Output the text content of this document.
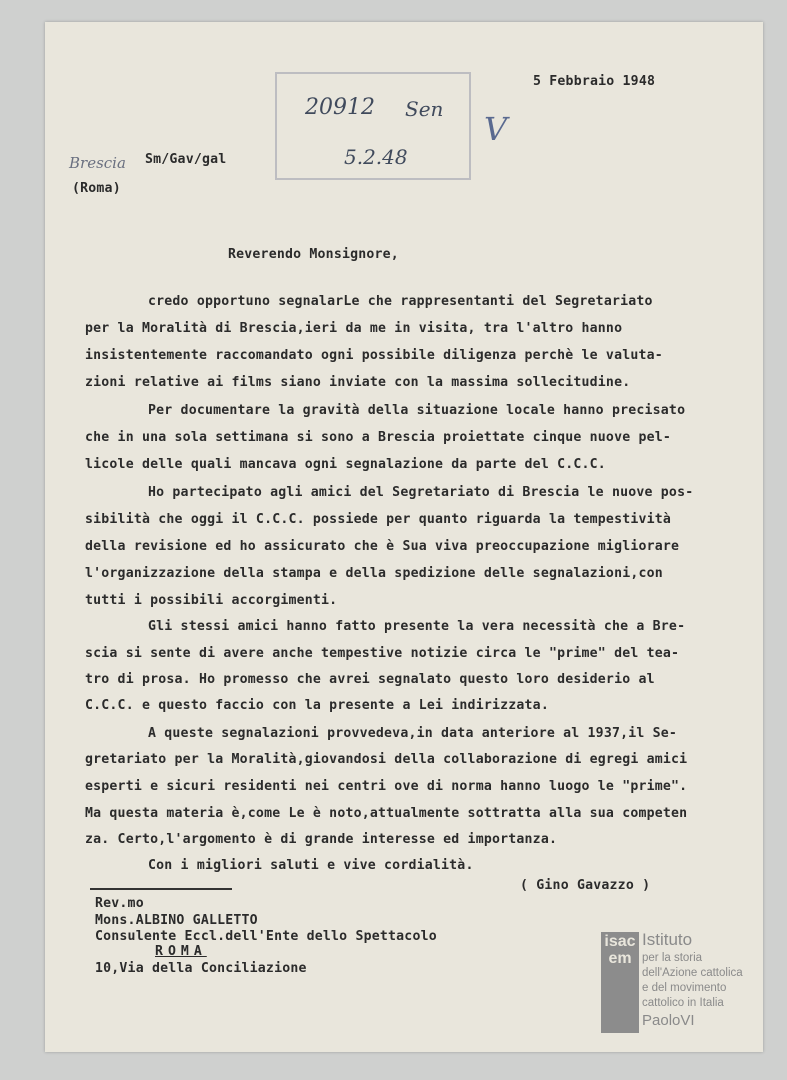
5 Febbraio 1948
20912 Sen
5.2.48
V
Brescia Sm/Gav/gal
(Roma)
Reverendo Monsignore,
credo opportuno segnalarLe che rappresentanti del Segretariato
per la Moralità di Brescia,ieri da me in visita, tra l'altro hanno
insistentemente raccomandato ogni possibile diligenza perchè le valuta-
zioni relative ai films siano inviate con la massima sollecitudine.
Per documentare la gravità della situazione locale hanno precisato
che in una sola settimana si sono a Brescia proiettate cinque nuove pel-
licole delle quali mancava ogni segnalazione da parte del C.C.C.
Ho partecipato agli amici del Segretariato di Brescia le nuove pos-
sibilità che oggi il C.C.C. possiede per quanto riguarda la tempestività
della revisione ed ho assicurato che è Sua viva preoccupazione migliorare
l'organizzazione della stampa e della spedizione delle segnalazioni,con
tutti i possibili accorgimenti.
Gli stessi amici hanno fatto presente la vera necessità che a Bre-
scia si sente di avere anche tempestive notizie circa le "prime" del tea-
tro di prosa. Ho promesso che avrei segnalato questo loro desiderio al
C.C.C. e questo faccio con la presente a Lei indirizzata.
A queste segnalazioni provvedeva,in data anteriore al 1937,il Se-
gretariato per la Moralità,giovandosi della collaborazione di egregi amici
esperti e sicuri residenti nei centri ove di norma hanno luogo le "prime".
Ma questa materia è,come Le è noto,attualmente sottratta alla sua competen
za. Certo,l'argomento è di grande interesse ed importanza.
Con i migliori saluti e vive cordialità.
( Gino Gavazzo )
Rev.mo
Mons.ALBINO GALLETTO
Consulente Eccl.dell'Ente dello Spettacolo
ROMA
10,Via della Conciliazione
isacem
Istituto
per la storia
dell'Azione cattolica
e del movimento
cattolico in Italia
PaoloVI
